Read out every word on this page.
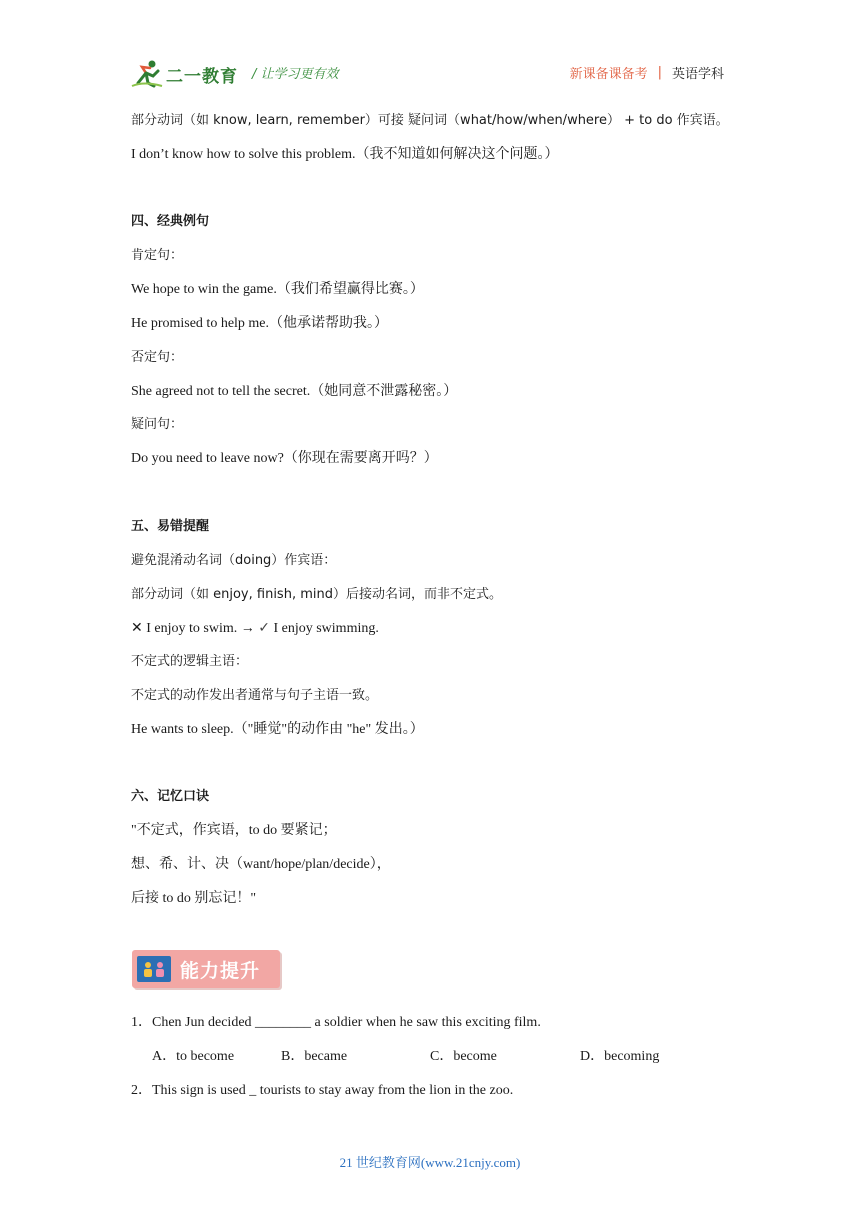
二一教育 / 让学习更有效	新课备课备考 | 英语学科
部分动词（如 know, learn, remember）可接 疑问词（what/how/when/where） + to do 作宾语。
I don’t know how to solve this problem.（我不知道如何解决这个问题。）
四、经典例句
肯定句：
We hope to win the game.（我们希望赢得比赛。）
He promised to help me.（他承诺帮助我。）
否定句：
She agreed not to tell the secret.（她同意不泄露秘密。）
疑问句：
Do you need to leave now?（你现在需要离开吗？）
五、易错提醒
避免混淆动名词（doing）作宾语：
部分动词（如 enjoy, finish, mind）后接动名词，而非不定式。
✕ I enjoy to swim. → ✓ I enjoy swimming.
不定式的逻辑主语：
不定式的动作发出者通常与句子主语一致。
He wants to sleep.（"睡觉"的动作由 "he" 发出。）
六、记忆口诀
"不定式，作宾语，to do 要紧记；
想、希、计、决（want/hope/plan/decide），
后接 to do 别忘记！"
能力提升
1．Chen Jun decided ________ a soldier when he saw this exciting film.
A．to become	B．became	C．become	D．becoming
2．This sign is used _ tourists to stay away from the lion in the zoo.
21 世纪教育网(www.21cnjy.com)
